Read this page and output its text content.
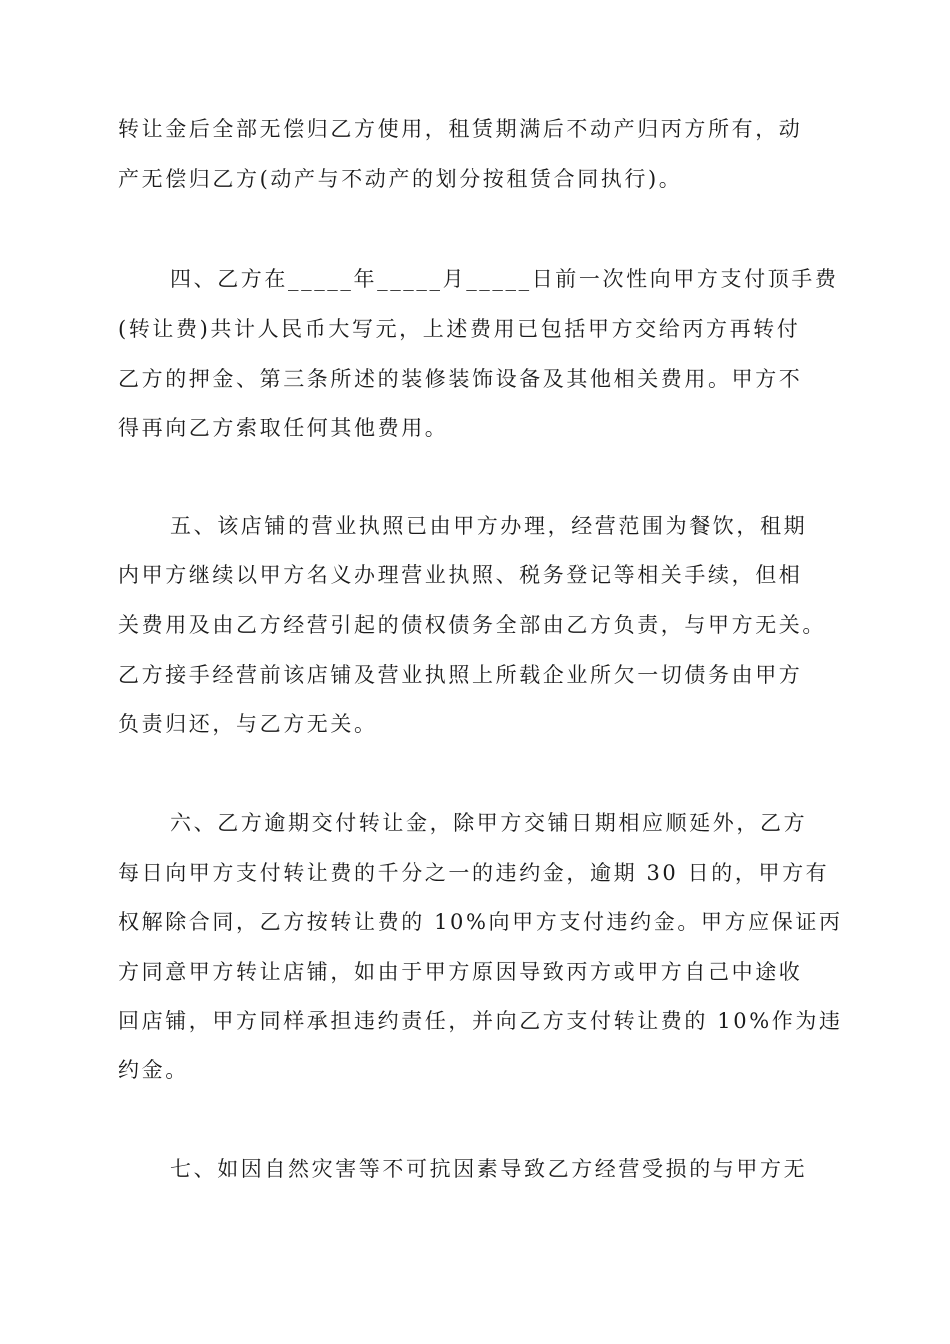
转让金后全部无偿归乙方使用，租赁期满后不动产归丙方所有，动
产无偿归乙方(动产与不动产的划分按租赁合同执行)。
四、乙方在_____年_____月_____日前一次性向甲方支付顶手费
(转让费)共计人民币大写元，上述费用已包括甲方交给丙方再转付
乙方的押金、第三条所述的装修装饰设备及其他相关费用。甲方不
得再向乙方索取任何其他费用。
五、该店铺的营业执照已由甲方办理，经营范围为餐饮，租期
内甲方继续以甲方名义办理营业执照、税务登记等相关手续，但相
关费用及由乙方经营引起的债权债务全部由乙方负责，与甲方无关。
乙方接手经营前该店铺及营业执照上所载企业所欠一切债务由甲方
负责归还，与乙方无关。
六、乙方逾期交付转让金，除甲方交铺日期相应顺延外，乙方
每日向甲方支付转让费的千分之一的违约金，逾期 30 日的，甲方有
权解除合同，乙方按转让费的 10%向甲方支付违约金。甲方应保证丙
方同意甲方转让店铺，如由于甲方原因导致丙方或甲方自己中途收
回店铺，甲方同样承担违约责任，并向乙方支付转让费的 10%作为违
约金。
七、如因自然灾害等不可抗因素导致乙方经营受损的与甲方无
